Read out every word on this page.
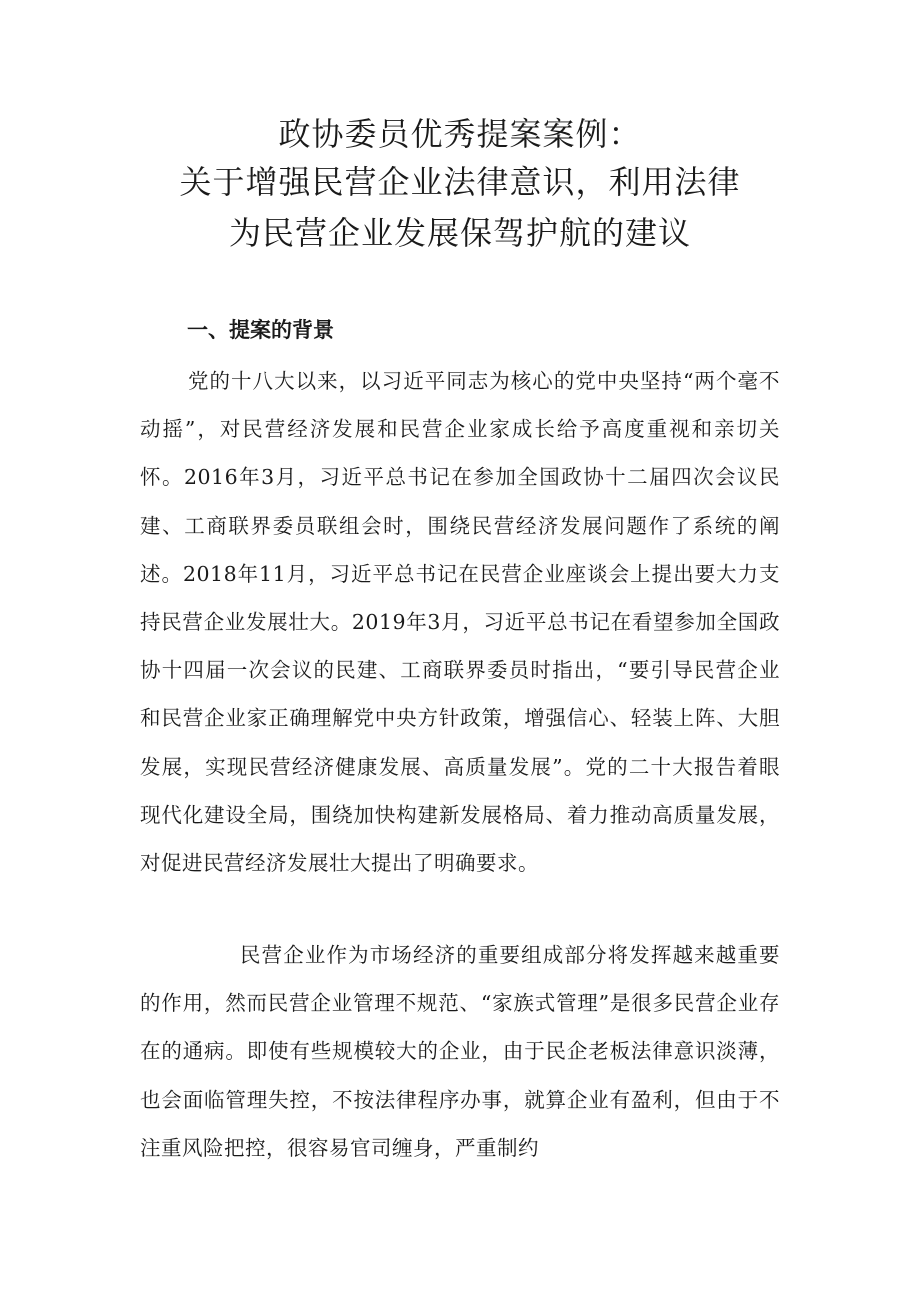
政协委员优秀提案案例：
关于增强民营企业法律意识，利用法律
为民营企业发展保驾护航的建议
一、提案的背景

党的十八大以来，以习近平同志为核心的党中央坚持“两个毫不动摇”，对民营经济发展和民营企业家成长给予高度重视和亲切关怀。2016年3月，习近平总书记在参加全国政协十二届四次会议民建、工商联界委员联组会时，围绕民营经济发展问题作了系统的阐述。2018年11月，习近平总书记在民营企业座谈会上提出要大力支持民营企业发展壮大。2019年3月，习近平总书记在看望参加全国政协十四届一次会议的民建、工商联界委员时指出，“要引导民营企业和民营企业家正确理解党中央方针政策，增强信心、轻装上阵、大胆发展，实现民营经济健康发展、高质量发展”。党的二十大报告着眼现代化建设全局，围绕加快构建新发展格局、着力推动高质量发展，对促进民营经济发展壮大提出了明确要求。

民营企业作为市场经济的重要组成部分将发挥越来越重要的作用，然而民营企业管理不规范、“家族式管理”是很多民营企业存在的通病。即使有些规模较大的企业，由于民企老板法律意识淡薄，也会面临管理失控，不按法律程序办事，就算企业有盈利，但由于不注重风险把控，很容易官司缠身，严重制约
